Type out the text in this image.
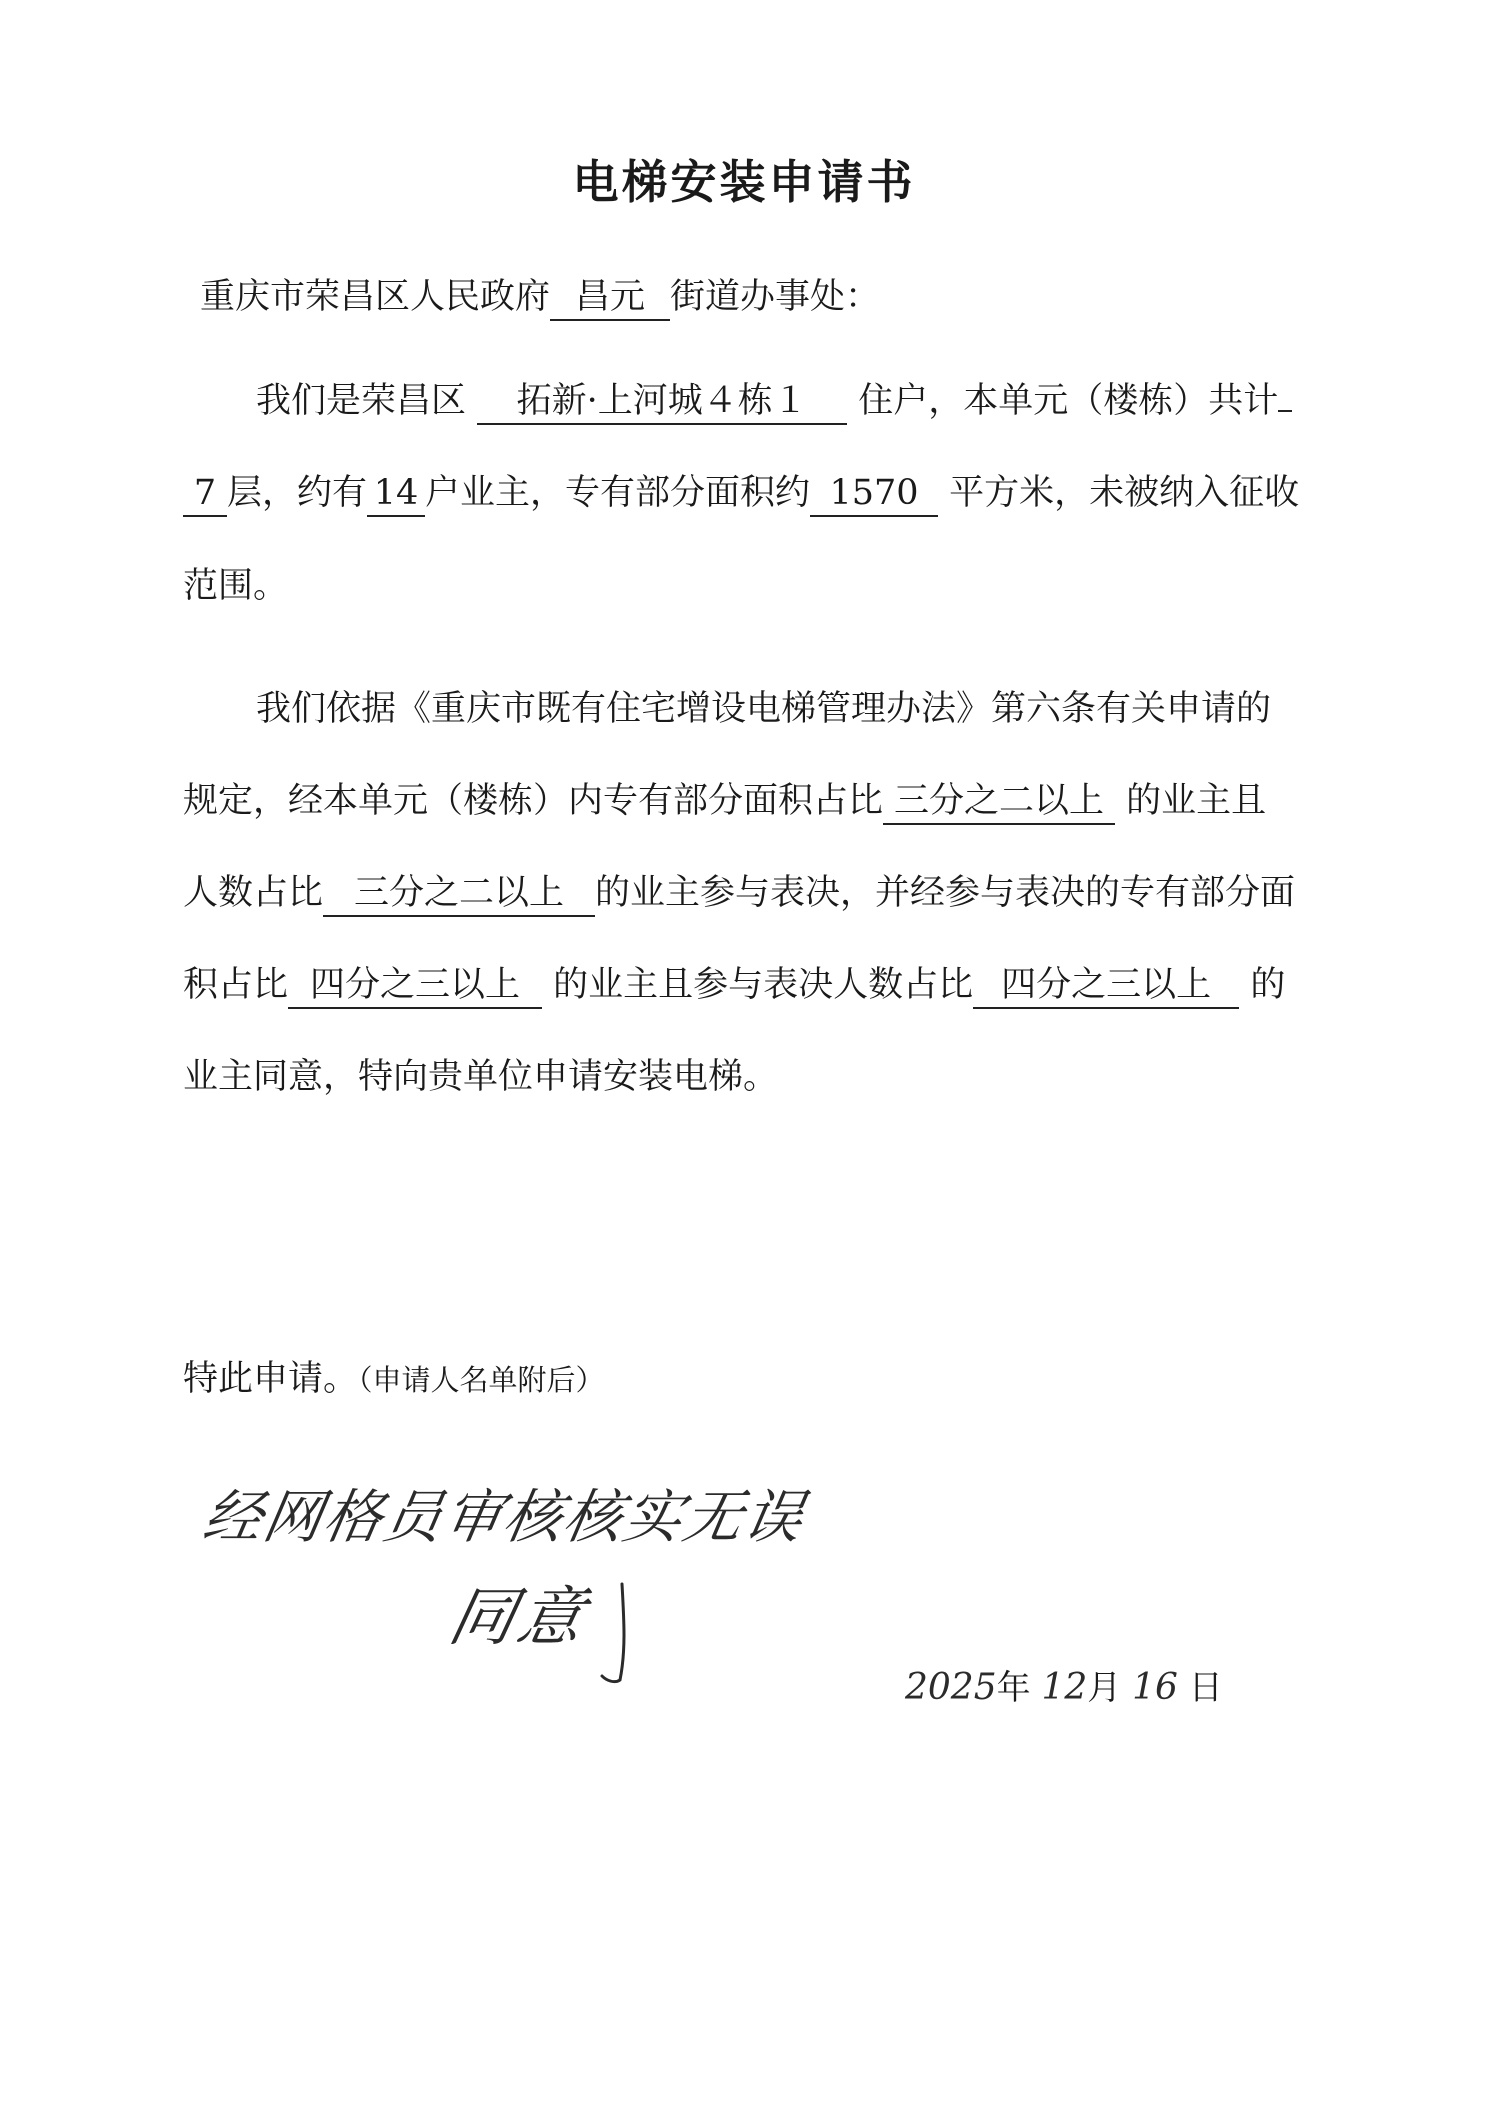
电梯安装申请书
重庆市荣昌区人民政府 昌元 街道办事处：
我们是荣昌区 拓新·上河城４栋１ 住户，本单元（楼栋）共计
7 层，约有 14 户业主，专有部分面积约 1570 平方米，未被纳入征收
范围。
我们依据《重庆市既有住宅增设电梯管理办法》第六条有关申请的
规定，经本单元（楼栋）内专有部分面积占比 三分之二以上 的业主且
人数占比 三分之二以上 的业主参与表决，并经参与表决的专有部分面
积占比 四分之三以上 的业主且参与表决人数占比 四分之三以上 的
业主同意，特向贵单位申请安装电梯。
特此申请。（申请人名单附后）
经网格员审核核实无误
同意
2025年 12月 16 日
